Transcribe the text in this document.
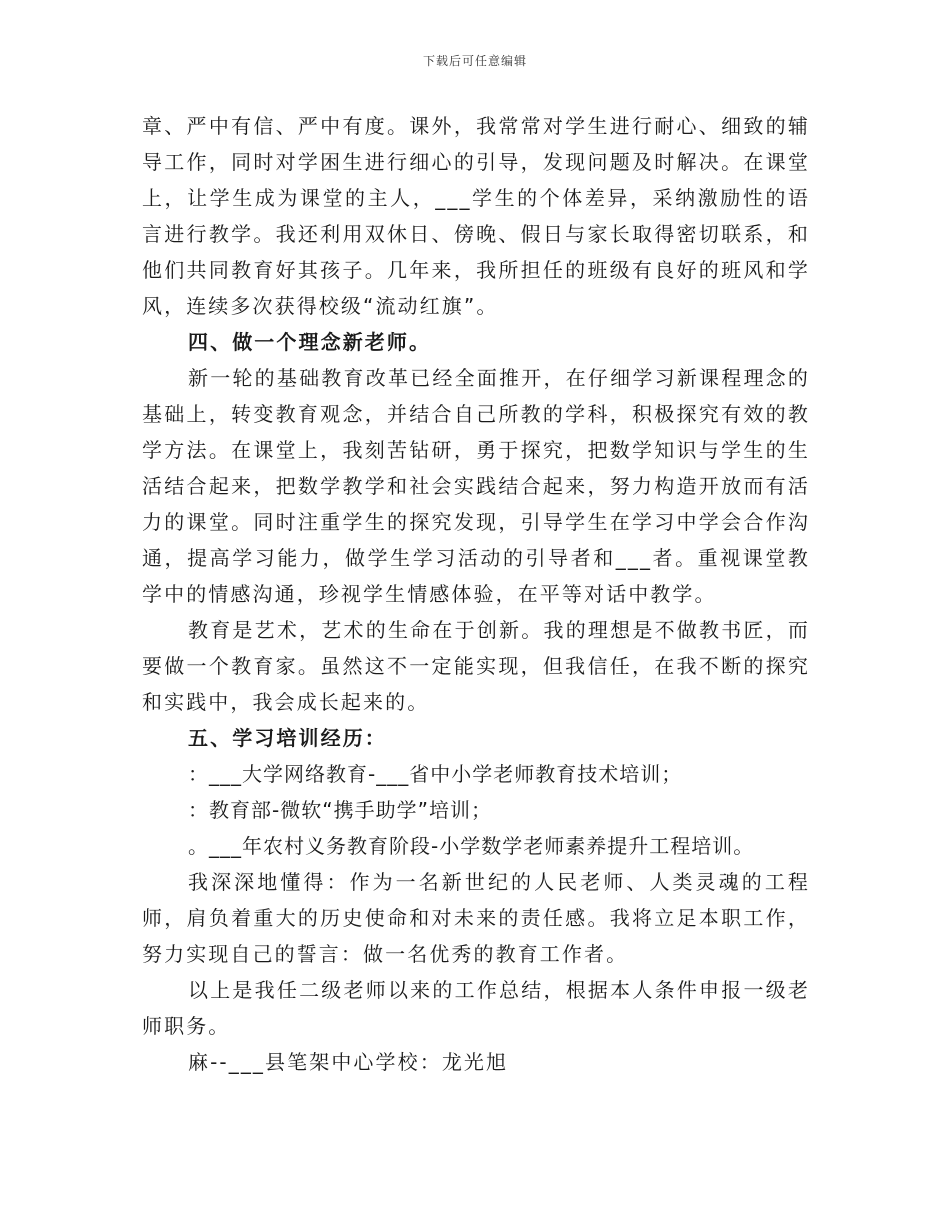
下载后可任意编辑

章、严中有信、严中有度。课外，我常常对学生进行耐心、细致的辅导工作，同时对学困生进行细心的引导，发现问题及时解决。在课堂上，让学生成为课堂的主人，___学生的个体差异，采纳激励性的语言进行教学。我还利用双休日、傍晚、假日与家长取得密切联系，和他们共同教育好其孩子。几年来，我所担任的班级有良好的班风和学风，连续多次获得校级“流动红旗”。

四、做一个理念新老师。

新一轮的基础教育改革已经全面推开，在仔细学习新课程理念的基础上，转变教育观念，并结合自己所教的学科，积极探究有效的教学方法。在课堂上，我刻苦钻研，勇于探究，把数学知识与学生的生活结合起来，把数学教学和社会实践结合起来，努力构造开放而有活力的课堂。同时注重学生的探究发现，引导学生在学习中学会合作沟通，提高学习能力，做学生学习活动的引导者和___者。重视课堂教学中的情感沟通，珍视学生情感体验，在平等对话中教学。

教育是艺术，艺术的生命在于创新。我的理想是不做教书匠，而要做一个教育家。虽然这不一定能实现，但我信任，在我不断的探究和实践中，我会成长起来的。

五、学习培训经历：

：___大学网络教育-___省中小学老师教育技术培训；

：教育部-微软“携手助学”培训；

。___年农村义务教育阶段-小学数学老师素养提升工程培训。

我深深地懂得：作为一名新世纪的人民老师、人类灵魂的工程师，肩负着重大的历史使命和对未来的责任感。我将立足本职工作，努力实现自己的誓言：做一名优秀的教育工作者。

以上是我任二级老师以来的工作总结，根据本人条件申报一级老师职务。

麻--___县笔架中心学校：龙光旭
